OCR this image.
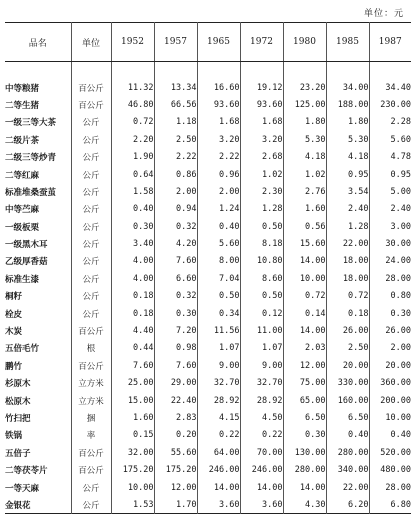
单位：元
品名	单位	1952	1957	1965	1972	1980	1985	1987

中等粮猪	百公斤	11.32	13.34	16.60	19.12	23.20	34.00	34.40
二等生猪	百公斤	46.80	66.56	93.60	93.60	125.00	188.00	230.00
一级三等大茶	公斤	0.72	1.18	1.68	1.68	1.80	1.80	2.28
二级片茶	公斤	2.20	2.50	3.20	3.20	5.30	5.30	5.60
二级三等炒青	公斤	1.90	2.22	2.22	2.68	4.18	4.18	4.78
二等红麻	公斤	0.64	0.86	0.96	1.02	1.02	0.95	0.95
标准堆桑蚕茧	公斤	1.58	2.00	2.00	2.30	2.76	3.54	5.00
中等苎麻	公斤	0.40	0.94	1.24	1.28	1.60	2.40	2.40
一级板栗	公斤	0.30	0.32	0.40	0.50	0.56	1.28	3.00
一级黑木耳	公斤	3.40	4.20	5.60	8.18	15.60	22.00	30.00
乙级厚香菇	公斤	4.00	7.60	8.00	10.80	14.00	18.00	24.00
标准生漆	公斤	4.00	6.60	7.04	8.60	10.00	18.00	28.00
桐籽	公斤	0.18	0.32	0.50	0.50	0.72	0.72	0.80
栓皮	公斤	0.18	0.30	0.34	0.12	0.14	0.18	0.30
木炭	百公斤	4.40	7.20	11.56	11.00	14.00	26.00	26.00
五倍毛竹	根	0.44	0.98	1.07	1.07	2.03	2.50	2.00
鹏竹	百公斤	7.60	7.60	9.00	9.00	12.00	20.00	20.00
杉原木	立方米	25.00	29.00	32.70	32.70	75.00	330.00	360.00
松原木	立方米	15.00	22.40	28.92	28.92	65.00	160.00	200.00
竹扫把	捆	1.60	2.83	4.15	4.50	6.50	6.50	10.00
铁锅	率	0.15	0.20	0.22	0.22	0.30	0.40	0.40
五倍子	百公斤	32.00	55.60	64.00	70.00	130.00	280.00	520.00
二等茯苓片	百公斤	175.20	175.20	246.00	246.00	280.00	340.00	480.00
一等天麻	公斤	10.00	12.00	14.00	14.00	14.00	22.00	28.00
金银花	公斤	1.53	1.70	3.60	3.60	4.30	6.20	6.80
